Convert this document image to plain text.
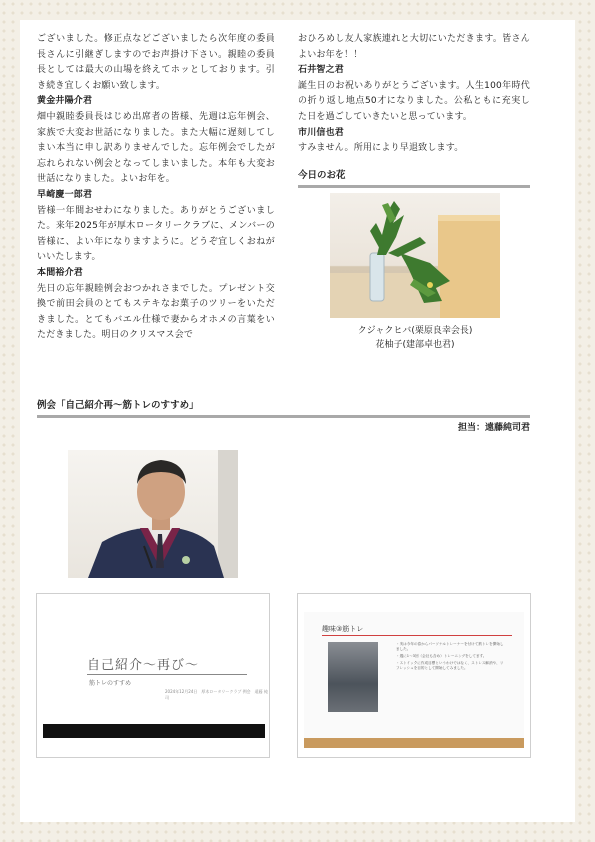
ございました。修正点などございましたら次年度の委員長さんに引継ぎしますのでお声掛け下さい。親睦の委員長としては最大の山場を終えてホッとしております。引き続き宜しくお願い致します。

黄金井陽介君

畑中親睦委員長はじめ出席者の皆様、先週は忘年例会、家族で大変お世話になりました。また大幅に遅刻してしまい本当に申し訳ありませんでした。忘年例会でしたが忘れられない例会となってしまいました。本年も大変お世話になりました。よいお年を。

早崎慶一郎君

皆様一年間おせわになりました。ありがとうございました。来年2025年が厚木ロータリークラブに、メンバーの皆様に、よい年になりますように。どうぞ宜しくおねがいいたします。

本間裕介君

先日の忘年親睦例会おつかれさまでした。プレゼント交換で前田会員のとてもステキなお菓子のツリーをいただきました。とてもバエル仕様で妻からオホメの言葉をいただきました。明日のクリスマス会で

おひろめし友人家族連れと大切にいただきます。皆さんよいお年を！！

石井智之君

誕生日のお祝いありがとうございます。人生100年時代の折り返し地点50才になりました。公私ともに充実した日を過ごしていきたいと思っています。

市川信也君

すみません。所用により早退致します。

今日のお花
クジャクヒバ(栗原良幸会長)
花柚子(建部卓也君)
例会「自己紹介再～筋トレのすすめ」
担当：遠藤純司君
自己紹介～再び～
筋トレのすすめ
2024年12月24日　厚木ロータリークラブ 例会　遠藤 純司
趣味③筋トレ
・実は今年の春からパーソナルトレーナーを付けて筋トレを開始しました。
・週に1～3回（会社も含め）トレーニングをしてます。
・ストイックに作成目標というわけではなく、ストレス解消や、リフレッシュを目的として開始してみました。
